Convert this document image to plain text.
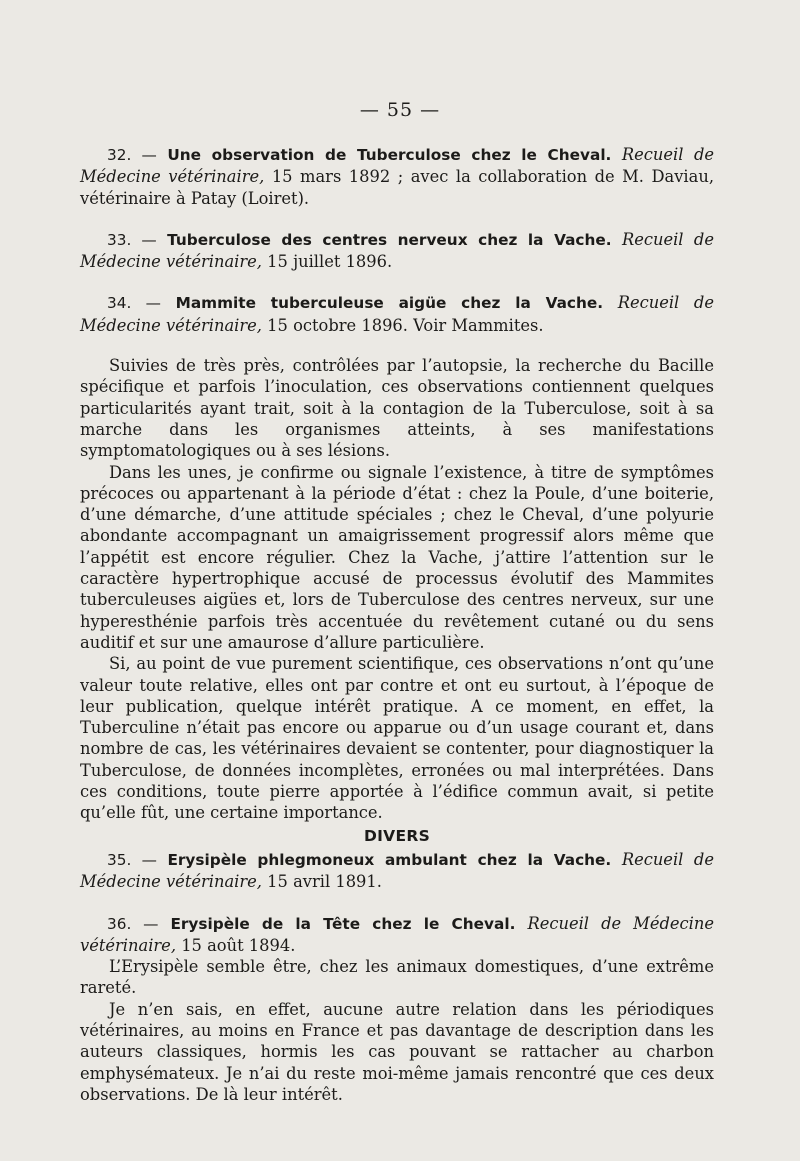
— 55 —
32. — Une observation de Tuberculose chez le Cheval. Recueil de Médecine vétérinaire, 15 mars 1892 ; avec la collaboration de M. Daviau, vétérinaire à Patay (Loiret).
33. — Tuberculose des centres nerveux chez la Vache. Recueil de Médecine vétérinaire, 15 juillet 1896.
34. — Mammite tuberculeuse aigüe chez la Vache. Recueil de Médecine vétérinaire, 15 octobre 1896. Voir Mammites.

Suivies de très près, contrôlées par l’autopsie, la recherche du Bacille spécifique et parfois l’inoculation, ces observations contiennent quelques particularités ayant trait, soit à la contagion de la Tuberculose, soit à sa marche dans les organismes atteints, à ses manifestations symptomatologiques ou à ses lésions.

Dans les unes, je confirme ou signale l’existence, à titre de symptômes précoces ou appartenant à la période d’état : chez la Poule, d’une boiterie, d’une démarche, d’une attitude spéciales ; chez le Cheval, d’une polyurie abondante accompagnant un amaigrissement progressif alors même que l’appétit est encore régulier. Chez la Vache, j’attire l’attention sur le caractère hypertrophique accusé de processus évolutif des Mammites tuberculeuses aigües et, lors de Tuberculose des centres nerveux, sur une hyperesthénie parfois très accentuée du revêtement cutané ou du sens auditif et sur une amaurose d’allure particulière.

Si, au point de vue purement scientifique, ces observations n’ont qu’une valeur toute relative, elles ont par contre et ont eu surtout, à l’époque de leur publication, quelque intérêt pratique. A ce moment, en effet, la Tuberculine n’était pas encore ou apparue ou d’un usage courant et, dans nombre de cas, les vétérinaires devaient se contenter, pour diagnostiquer la Tuberculose, de données incomplètes, erronées ou mal interprétées. Dans ces conditions, toute pierre apportée à l’édifice commun avait, si petite qu’elle fût, une certaine importance.

DIVERS
35. — Erysipèle phlegmoneux ambulant chez la Vache. Recueil de Médecine vétérinaire, 15 avril 1891.
36. — Erysipèle de la Tête chez le Cheval. Recueil de Médecine vétérinaire, 15 août 1894.

L’Erysipèle semble être, chez les animaux domestiques, d’une extrême rareté.

Je n’en sais, en effet, aucune autre relation dans les périodiques vétérinaires, au moins en France et pas davantage de description dans les auteurs classiques, hormis les cas pouvant se rattacher au charbon emphysémateux. Je n’ai du reste moi-même jamais rencontré que ces deux observations. De là leur intérêt.
